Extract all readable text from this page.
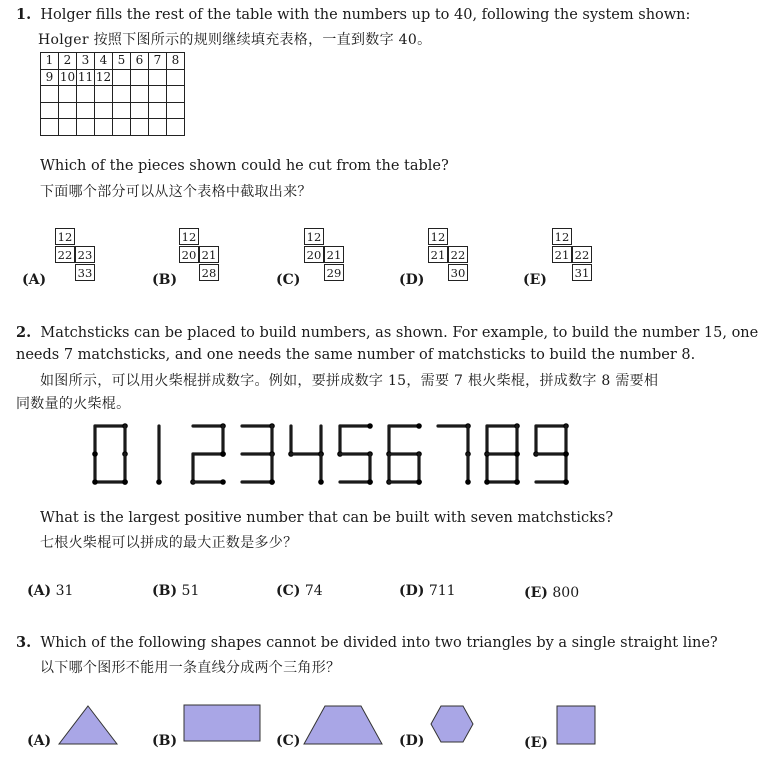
1. Holger fills the rest of the table with the numbers up to 40, following the system shown:
Holger 按照下图所示的规则继续填充表格，一直到数字 40。
1	2	3	4	5	6	7	8
9	10	11	12				

Which of the pieces shown could he cut from the table?
下面哪个部分可以从这个表格中截取出来？
(A)
12
22 23
33	(B)
12
20 21
28	(C)
12
20 21
29	(D)
12
21 22
30	(E)
12
21 22
31
2. Matchsticks can be placed to build numbers, as shown. For example, to build the number 15, one
needs 7 matchsticks, and one needs the same number of matchsticks to build the number 8.
如图所示，可以用火柴棍拼成数字。例如，要拼成数字 15，需要 7 根火柴棍，拼成数字 8 需要相
同数量的火柴棍。
What is the largest positive number that can be built with seven matchsticks?
七根火柴棍可以拼成的最大正数是多少？
(A) 31	(B) 51	(C) 74	(D) 711	(E) 800
3. Which of the following shapes cannot be divided into two triangles by a single straight line?
以下哪个图形不能用一条直线分成两个三角形？
(A)	(B)	(C)	(D)	(E)
